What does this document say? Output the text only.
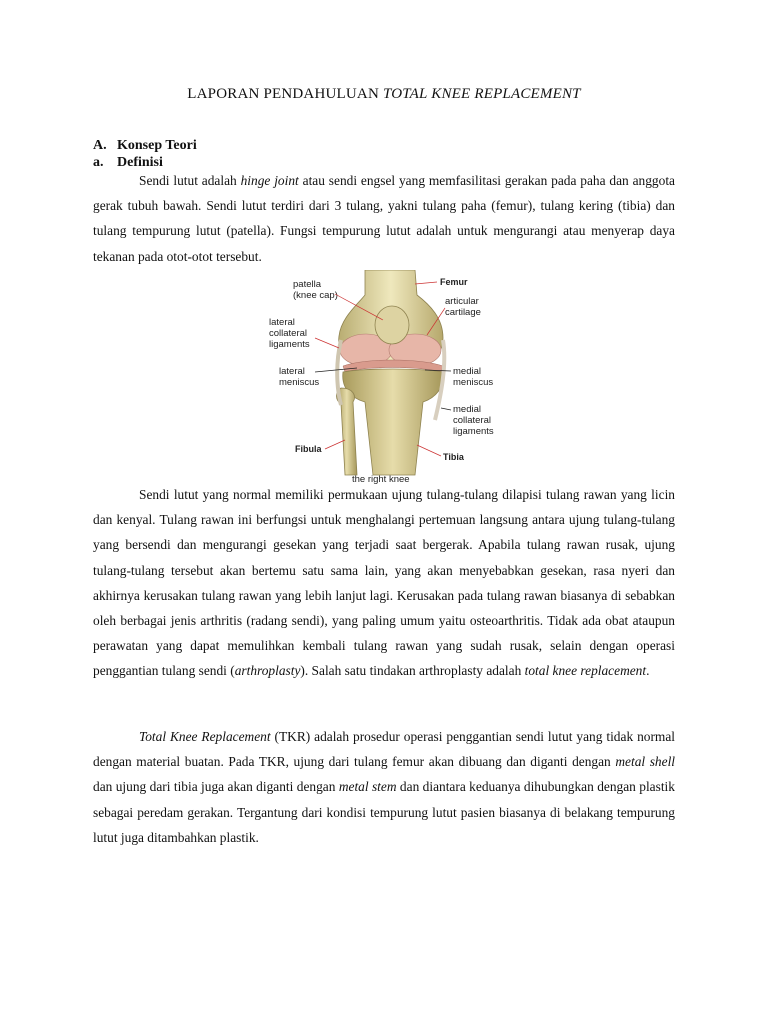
LAPORAN PENDAHULUAN TOTAL KNEE REPLACEMENT
A. Konsep Teori
a. Definisi

Sendi lutut adalah hinge joint atau sendi engsel yang memfasilitasi gerakan pada paha dan anggota gerak tubuh bawah. Sendi lutut terdiri dari 3 tulang, yakni tulang paha (femur), tulang kering (tibia) dan tulang tempurung lutut (patella). Fungsi tempurung lutut adalah untuk mengurangi atau menyerap daya tekanan pada otot-otot tersebut.

patella
(knee cap)
Femur
articular
cartilage
lateral
collateral
ligaments
lateral
meniscus
medial
meniscus
medial
collateral
ligaments
Fibula
Tibia
the right knee

Sendi lutut yang normal memiliki permukaan ujung tulang-tulang dilapisi tulang rawan yang licin dan kenyal. Tulang rawan ini berfungsi untuk menghalangi pertemuan langsung antara ujung tulang-tulang yang bersendi dan mengurangi gesekan yang terjadi saat bergerak. Apabila tulang rawan rusak, ujung tulang-tulang tersebut akan bertemu satu sama lain, yang akan menyebabkan gesekan, rasa nyeri dan akhirnya kerusakan tulang rawan yang lebih lanjut lagi. Kerusakan pada tulang rawan biasanya di sebabkan oleh berbagai jenis arthritis (radang sendi), yang paling umum yaitu osteoarthritis. Tidak ada obat ataupun perawatan yang dapat memulihkan kembali tulang rawan yang sudah rusak, selain dengan operasi penggantian tulang sendi (arthroplasty). Salah satu tindakan arthroplasty adalah total knee replacement.

Total Knee Replacement (TKR) adalah prosedur operasi penggantian sendi lutut yang tidak normal dengan material buatan. Pada TKR, ujung dari tulang femur akan dibuang dan diganti dengan metal shell dan ujung dari tibia juga akan diganti dengan metal stem dan diantara keduanya dihubungkan dengan plastik sebagai peredam gerakan. Tergantung dari kondisi tempurung lutut pasien biasanya di belakang tempurung lutut juga ditambahkan plastik.
